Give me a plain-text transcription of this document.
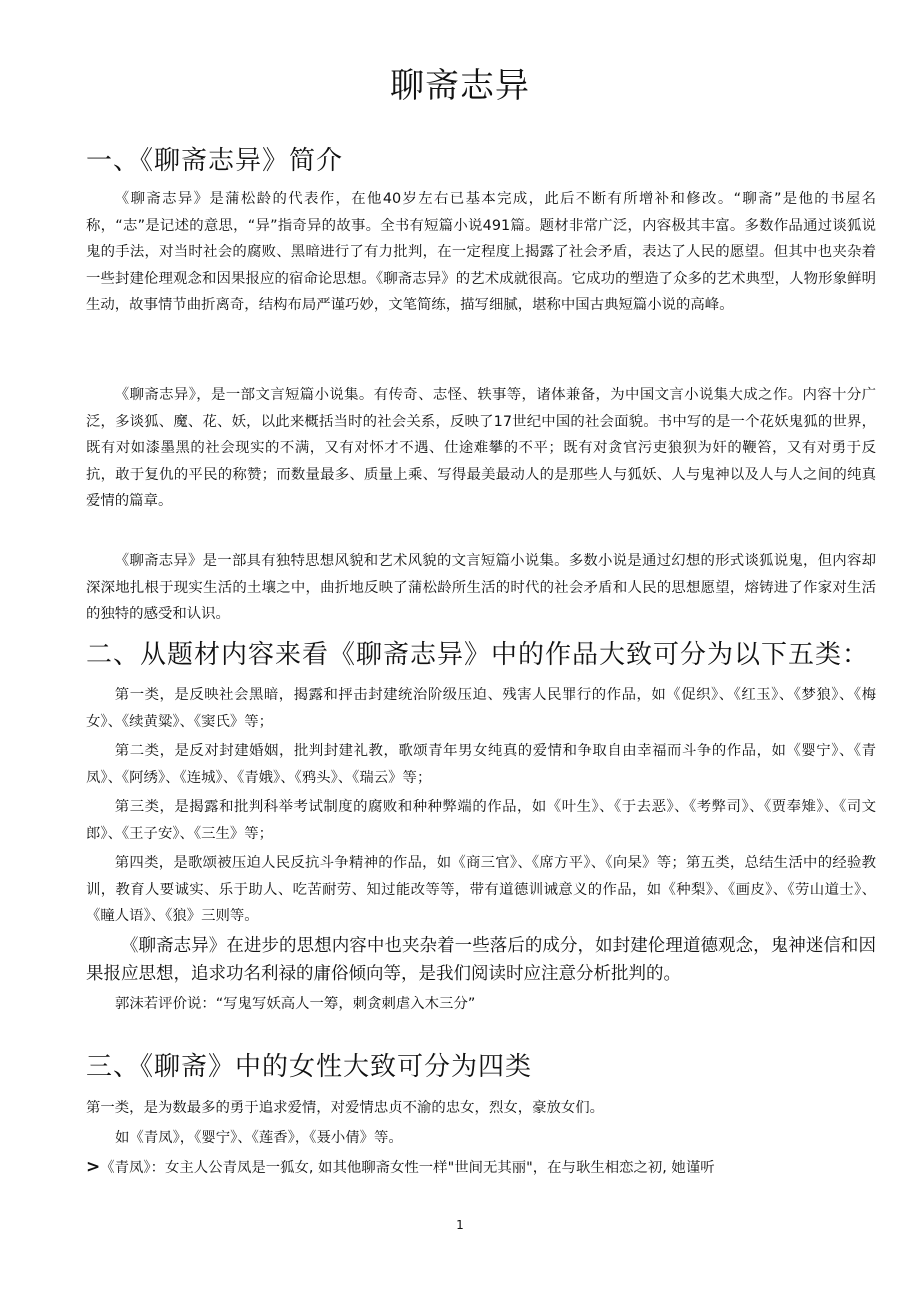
聊斋志异
一、《聊斋志异》简介

《聊斋志异》是蒲松龄的代表作，在他40岁左右已基本完成，此后不断有所增补和修改。“聊斋”是他的书屋名称，“志”是记述的意思，“异”指奇异的故事。全书有短篇小说491篇。题材非常广泛，内容极其丰富。多数作品通过谈狐说鬼的手法，对当时社会的腐败、黑暗进行了有力批判，在一定程度上揭露了社会矛盾，表达了人民的愿望。但其中也夹杂着一些封建伦理观念和因果报应的宿命论思想。《聊斋志异》的艺术成就很高。它成功的塑造了众多的艺术典型，人物形象鲜明生动，故事情节曲折离奇，结构布局严谨巧妙，文笔简练，描写细腻，堪称中国古典短篇小说的高峰。

《聊斋志异》，是一部文言短篇小说集。有传奇、志怪、轶事等，诸体兼备，为中国文言小说集大成之作。内容十分广泛，多谈狐、魔、花、妖，以此来概括当时的社会关系，反映了17世纪中国的社会面貌。书中写的是一个花妖鬼狐的世界，既有对如漆墨黑的社会现实的不满，又有对怀才不遇、仕途难攀的不平；既有对贪官污吏狼狈为奸的鞭笞，又有对勇于反抗，敢于复仇的平民的称赞；而数量最多、质量上乘、写得最美最动人的是那些人与狐妖、人与鬼神以及人与人之间的纯真爱情的篇章。

《聊斋志异》是一部具有独特思想风貌和艺术风貌的文言短篇小说集。多数小说是通过幻想的形式谈狐说鬼，但内容却深深地扎根于现实生活的土壤之中，曲折地反映了蒲松龄所生活的时代的社会矛盾和人民的思想愿望，熔铸进了作家对生活的独特的感受和认识。

二、从题材内容来看《聊斋志异》中的作品大致可分为以下五类：

第一类，是反映社会黑暗，揭露和抨击封建统治阶级压迫、残害人民罪行的作品，如《促织》、《红玉》、《梦狼》、《梅女》、《续黄粱》、《窦氏》等；

第二类，是反对封建婚姻，批判封建礼教，歌颂青年男女纯真的爱情和争取自由幸福而斗争的作品，如《婴宁》、《青凤》、《阿绣》、《连城》、《青娥》、《鸦头》、《瑞云》等；

第三类，是揭露和批判科举考试制度的腐败和种种弊端的作品，如《叶生》、《于去恶》、《考弊司》、《贾奉雉》、《司文郎》、《王子安》、《三生》等；

第四类，是歌颂被压迫人民反抗斗争精神的作品，如《商三官》、《席方平》、《向杲》等；第五类，总结生活中的经验教训，教育人要诚实、乐于助人、吃苦耐劳、知过能改等等，带有道德训诫意义的作品，如《种梨》、《画皮》、《劳山道士》、《瞳人语》、《狼》三则等。

《聊斋志异》在进步的思想内容中也夹杂着一些落后的成分，如封建伦理道德观念，鬼神迷信和因果报应思想，追求功名利禄的庸俗倾向等，是我们阅读时应注意分析批判的。

郭沫若评价说：“写鬼写妖高人一筹，刺贪刺虐入木三分”

三、《聊斋》中的女性大致可分为四类

第一类，是为数最多的勇于追求爱情，对爱情忠贞不渝的忠女，烈女，豪放女们。

如《青凤》，《婴宁》、《莲香》，《聂小倩》等。

>《青凤》：女主人公青凤是一狐女, 如其他聊斋女性一样"世间无其丽"，在与耿生相恋之初, 她谨听

1
